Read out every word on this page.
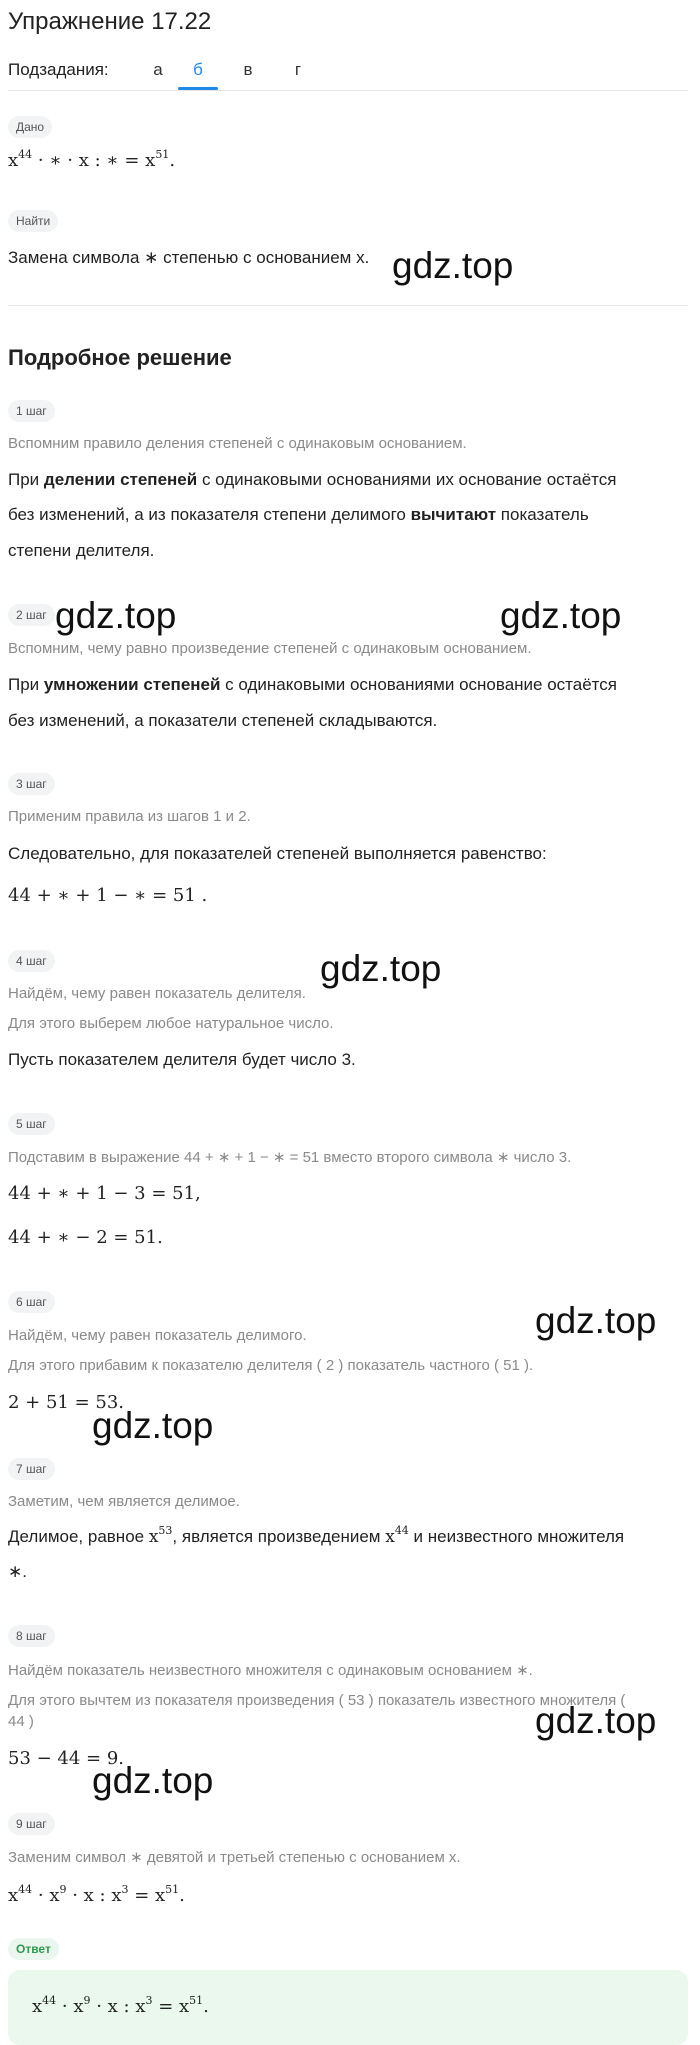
Упражнение 17.22
Подзадания:	а	б	в	г
Дано
$x^{44}$ · ∗ · x : ∗ = $x^{51}$.
Найти
Замена символа ∗ степенью с основанием x.
Подробное решение
1 шаг
Вспомним правило деления степеней с одинаковым основанием.
При делении степеней с одинаковыми основаниями их основание остаётся
без изменений, а из показателя степени делимого вычитают показатель
степени делителя.
2 шаг
Вспомним, чему равно произведение степеней с одинаковым основанием.
При умножении степеней с одинаковыми основаниями основание остаётся
без изменений, а показатели степеней складываются.
3 шаг
Применим правила из шагов 1 и 2.
Следовательно, для показателей степеней выполняется равенство:
44 + ∗ + 1 − ∗ = 51 .
4 шаг
Найдём, чему равен показатель делителя.
Для этого выберем любое натуральное число.
Пусть показателем делителя будет число 3.
5 шаг
Подставим в выражение 44 + ∗ + 1 − ∗ = 51 вместо второго символа ∗ число 3.
44 + ∗ + 1 − 3 = 51,
44 + ∗ − 2 = 51.
6 шаг
Найдём, чему равен показатель делимого.
Для этого прибавим к показателю делителя ( 2 ) показатель частного ( 51 ).
2 + 51 = 53.
7 шаг
Заметим, чем является делимое.
Делимое, равное $x^{53}$, является произведением $x^{44}$ и неизвестного множителя
∗.
8 шаг
Найдём показатель неизвестного множителя с одинаковым основанием ∗.
Для этого вычтем из показателя произведения ( 53 ) показатель известного множителя (
44 )
53 − 44 = 9.
9 шаг
Заменим символ ∗ девятой и третьей степенью с основанием x.
$x^{44} \cdot x^9 \cdot x$ : $x^3 = x^{51}$.
Ответ
$x^{44} \cdot x^9 \cdot x$ : $x^3 = x^{51}$.
gdz.top
gdz.top	gdz.top
gdz.top
gdz.top
gdz.top
gdz.top
gdz.top
